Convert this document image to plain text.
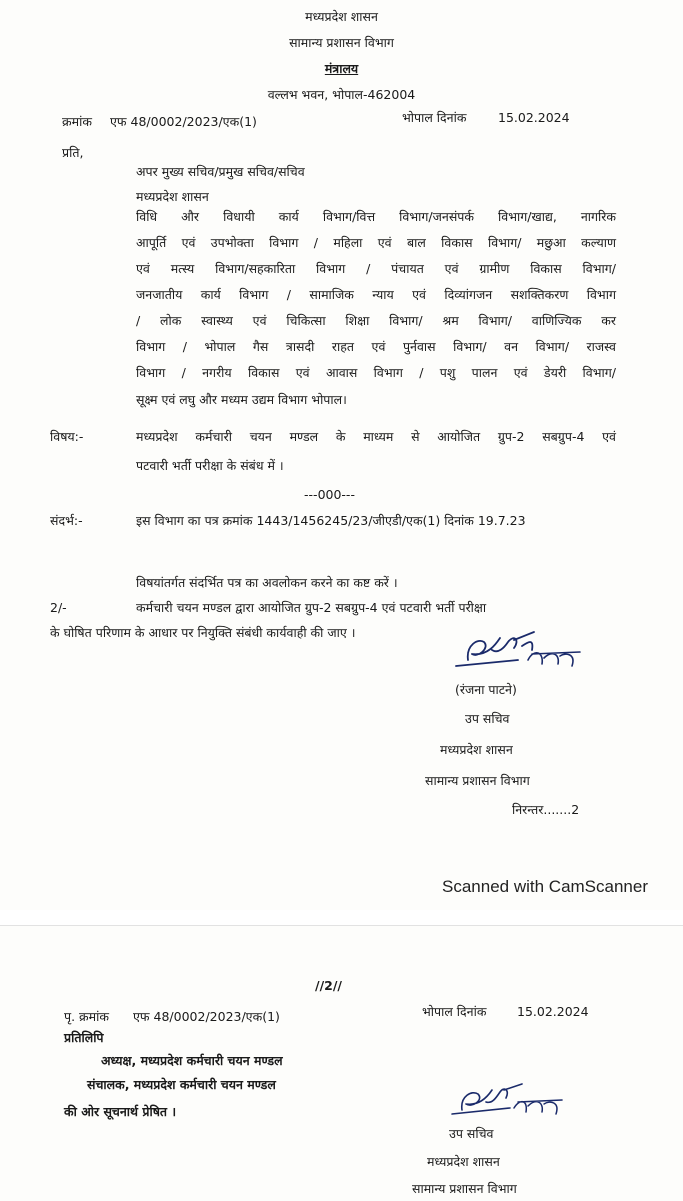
मध्यप्रदेश शासन
सामान्य प्रशासन विभाग
मंत्रालय
वल्लभ भवन, भोपाल-462004
क्रमांक एफ 48/0002/2023/एक(1)	भोपाल दिनांक	15.02.2024
प्रति,
अपर मुख्य सचिव/प्रमुख सचिव/सचिव
मध्यप्रदेश शासन
विधि और विधायी कार्य विभाग/वित्त विभाग/जनसंपर्क विभाग/खाद्य, नागरिक
आपूर्ति एवं उपभोक्ता विभाग / महिला एवं बाल विकास विभाग/ मछुआ कल्याण
एवं मत्स्य विभाग/सहकारिता विभाग / पंचायत एवं ग्रामीण विकास विभाग/
जनजातीय कार्य विभाग / सामाजिक न्याय एवं दिव्यांगजन सशक्तिकरण विभाग
/ लोक स्वास्थ्य एवं चिकित्सा शिक्षा विभाग/ श्रम विभाग/ वाणिज्यिक कर
विभाग / भोपाल गैस त्रासदी राहत एवं पुर्नवास विभाग/ वन विभाग/ राजस्व
विभाग / नगरीय विकास एवं आवास विभाग / पशु पालन एवं डेयरी विभाग/
सूक्ष्म एवं लघु और मध्यम उद्यम विभाग भोपाल।
विषय:-	मध्यप्रदेश कर्मचारी चयन मण्डल के माध्यम से आयोजित ग्रुप-2 सबग्रुप-4 एवं
पटवारी भर्ती परीक्षा के संबंध में ।
---000---
संदर्भ:-	इस विभाग का पत्र क्रमांक 1443/1456245/23/जीएडी/एक(1) दिनांक 19.7.23
विषयांतर्गत संदर्भित पत्र का अवलोकन करने का कष्ट करें ।
2/-	कर्मचारी चयन मण्डल द्वारा आयोजित ग्रुप-2 सबग्रुप-4 एवं पटवारी भर्ती परीक्षा
के घोषित परिणाम के आधार पर नियुक्ति संबंधी कार्यवाही की जाए ।
(रंजना पाटने)
उप सचिव
मध्यप्रदेश शासन
सामान्य प्रशासन विभाग
निरन्तर.......2
Scanned with CamScanner
//2//
पृ. क्रमांक एफ 48/0002/2023/एक(1)	भोपाल दिनांक 15.02.2024
प्रतिलिपि
अध्यक्ष, मध्यप्रदेश कर्मचारी चयन मण्डल
संचालक, मध्यप्रदेश कर्मचारी चयन मण्डल
की ओर सूचनार्थ प्रेषित ।
उप सचिव
मध्यप्रदेश शासन
सामान्य प्रशासन विभाग
